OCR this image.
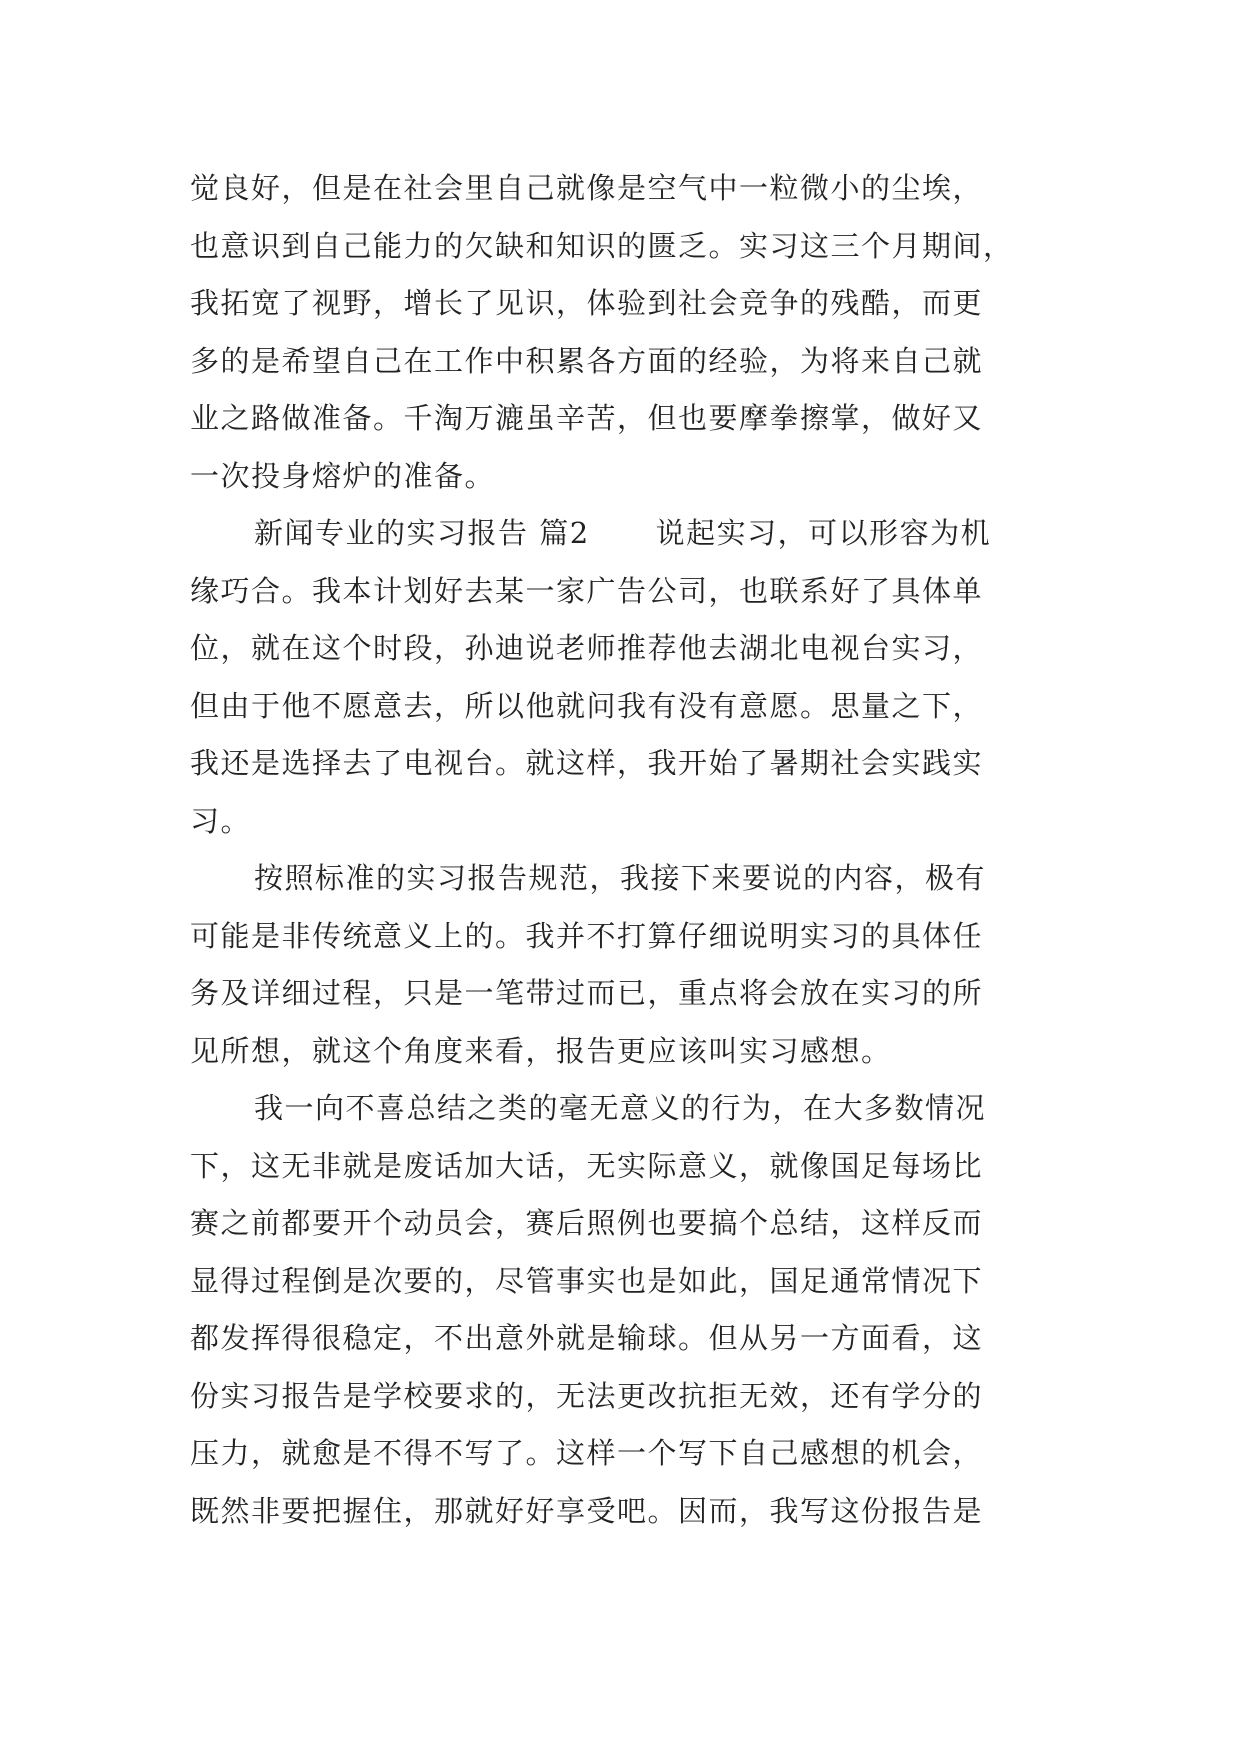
觉良好，但是在社会里自己就像是空气中一粒微小的尘埃，
也意识到自己能力的欠缺和知识的匮乏。实习这三个月期间，
我拓宽了视野，增长了见识，体验到社会竞争的残酷，而更
多的是希望自己在工作中积累各方面的经验，为将来自己就
业之路做准备。千淘万漉虽辛苦，但也要摩拳擦掌，做好又
一次投身熔炉的准备。
新闻专业的实习报告 篇2 说起实习，可以形容为机
缘巧合。我本计划好去某一家广告公司，也联系好了具体单
位，就在这个时段，孙迪说老师推荐他去湖北电视台实习，
但由于他不愿意去，所以他就问我有没有意愿。思量之下，
我还是选择去了电视台。就这样，我开始了暑期社会实践实
习。
按照标准的实习报告规范，我接下来要说的内容，极有
可能是非传统意义上的。我并不打算仔细说明实习的具体任
务及详细过程，只是一笔带过而已，重点将会放在实习的所
见所想，就这个角度来看，报告更应该叫实习感想。
我一向不喜总结之类的毫无意义的行为，在大多数情况
下，这无非就是废话加大话，无实际意义，就像国足每场比
赛之前都要开个动员会，赛后照例也要搞个总结，这样反而
显得过程倒是次要的，尽管事实也是如此，国足通常情况下
都发挥得很稳定，不出意外就是输球。但从另一方面看，这
份实习报告是学校要求的，无法更改抗拒无效，还有学分的
压力，就愈是不得不写了。这样一个写下自己感想的机会，
既然非要把握住，那就好好享受吧。因而，我写这份报告是
